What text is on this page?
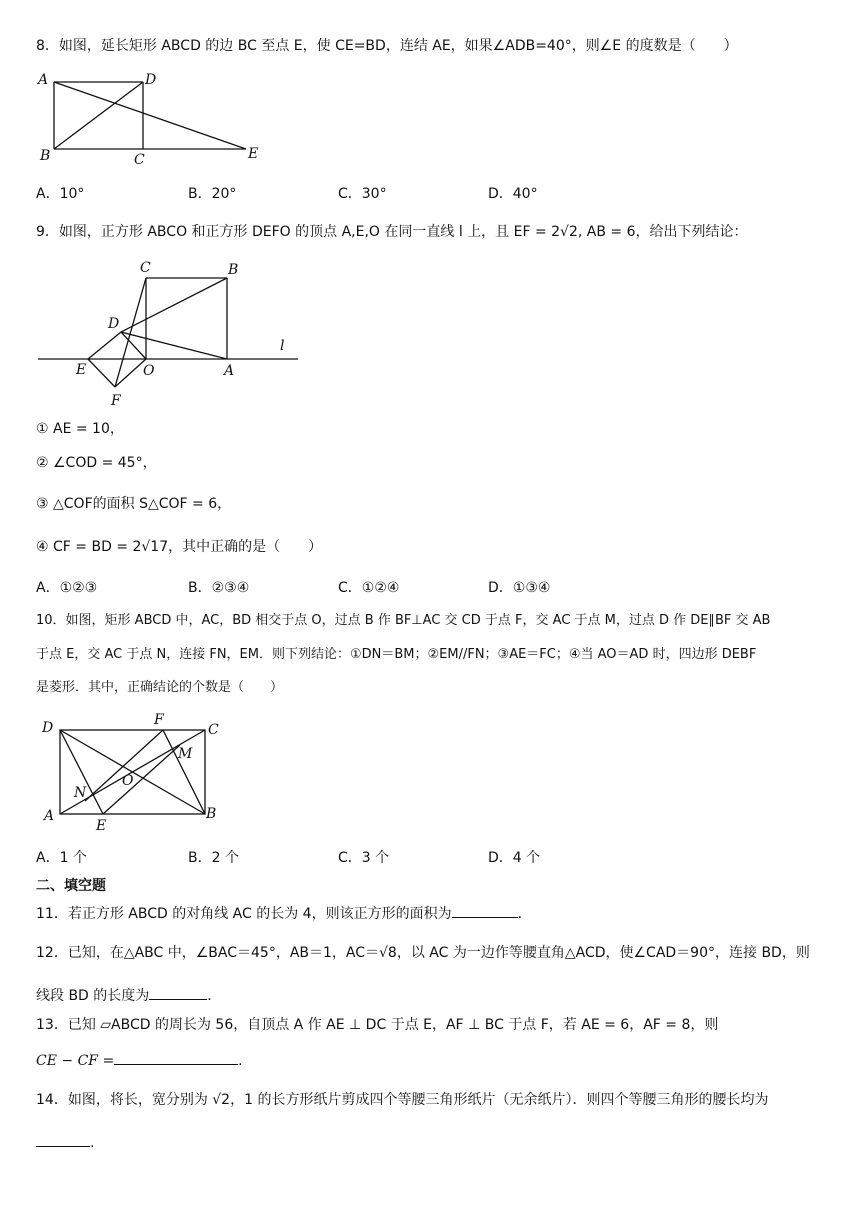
8．如图，延长矩形 ABCD 的边 BC 至点 E，使 CE=BD，连结 AE，如果∠ADB=40°，则∠E 的度数是（　　）
A	D
B	C	E
A．10°	B．20°	C．30°	D．40°
9．如图，正方形 ABCO 和正方形 DEFO 的顶点 A,E,O 在同一直线 l 上，且 EF = 2√2, AB = 6，给出下列结论：
C	B
D
l
E	O	A
F
① AE = 10，
② ∠COD = 45°，
③ △COF的面积 S△COF = 6，
④ CF = BD = 2√17，其中正确的是（　　）
A．①②③	B．②③④	C．①②④	D．①③④
10．如图，矩形 ABCD 中，AC，BD 相交于点 O，过点 B 作 BF⊥AC 交 CD 于点 F，交 AC 于点 M，过点 D 作 DE∥BF 交 AB
于点 E，交 AC 于点 N，连接 FN，EM．则下列结论：①DN＝BM；②EM//FN；③AE＝FC；④当 AO＝AD 时，四边形 DEBF
是菱形．其中，正确结论的个数是（　　）
D	F
C
M
O
N
A
E
B
A．1 个	B．2 个	C．3 个	D．4 个
二、填空题
11．若正方形 ABCD 的对角线 AC 的长为 4，则该正方形的面积为	.
12．已知，在△ABC 中，∠BAC＝45°，AB＝1，AC＝√8，以 AC 为一边作等腰直角△ACD，使∠CAD＝90°，连接 BD，则
线段 BD 的长度为	.
13．已知 ▱ABCD 的周长为 56，自顶点 A 作 AE ⊥ DC 于点 E，AF ⊥ BC 于点 F，若 AE = 6，AF = 8，则
CE − CF =	.
14．如图，将长，宽分别为 √2，1 的长方形纸片剪成四个等腰三角形纸片（无余纸片）．则四个等腰三角形的腰长均为
.
